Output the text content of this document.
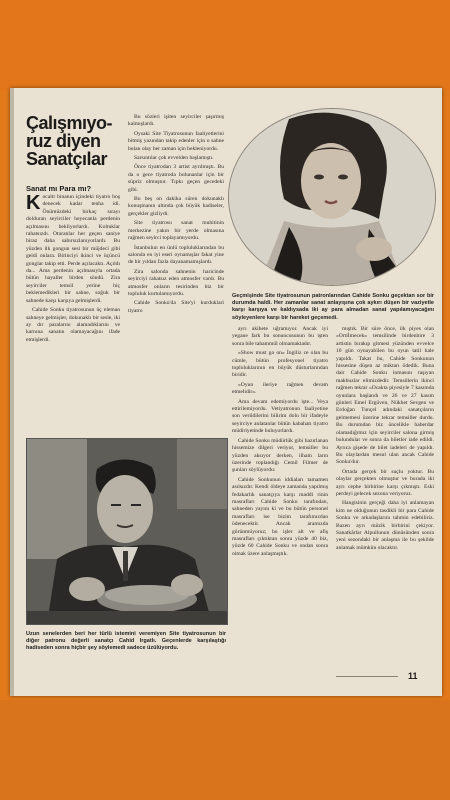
Çalışmıyo-
ruz diyen
Sanatçılar
Sanat mı Para mı?

Kocaltr binanın içindeki tiyatro boş denecek kadar tenha idi. Önümüzdeki birkaç sırayı dolduran seyirciler heyecanla perdenin açılmasını bekliyorlardı. Koltuklar rahatsızdı. Oturanlar her geçen saniye biraz daha sabırsızlanıyorlardı. Bu yüzden ilk gongun sesi bir müjdeci gibi geldi onlara. Birinciyi ikinci ve üçüncü gonglar takip etti. Perde açılacaktı. Açıldı da... Ama perdenin açılmasıyla ortada bütün hayaller birden söndü. Zira seyirciler temsil yerine hiç beklemedikleri bir sahne, soğuk bir sahnede karşı karşıya gelmişlerdi.

Cahide Sonku tiyatrosunun üç eleman sahneye gelmişler, dokunaklı bir sesle, iki ay dır paralarını alamadıklarını ve karnına sanatın olamayacağını ifade etmişlerdi.

Bu sözleri işiten seyirciler şaşırmış kalmışlardı.

Oysaki Site Tiyatrosunun faaliyetlerini bitmiş yazından takip edenler için o sahne bulan olay her zaman için bekleniyordu.

Sarsıntılar çok evvelden başlamıştı.

Önce tiyatrodan 3 artist ayrılmıştı. Bu da o gece tiyatroda bulunanlar için bir süpriz olmuştur. Tıpkı geçen gecedeki gibi.

Bu beş on dakika süren dokunaklı konuşmanın altında çok büyük hadiseler, gerçekler gizliydi.

Site tiyatrosu sanat muhitinin merkezine yakın bir yerde olmasına rağmen seyirci toplayamıyordu.

İstanbulun en ünlü topluluklarından bu salonda en iyi eseri oynamışlar fakat yine de bir yıldan fazla dayanamamışlardı.

Zira salonda sahnenin haricinde seyirciyi rahatsız eden atmosfer vardı. Bu atmosfer onların tesirinden biz bir topluluk kurtulamıyordu.

Cahide Sonku'da Site'yi kurduklari tiyatro

Geçmişinde Site tiyatrosunun patronlarından Cahide Sonku geçektan sor bir durumda haldi. Her zamanlar sanat anlayışına çok aykırı düşen bir vaziyetle karşı karşıya ve kaldıysada iki ay para almadan sanat yapılamıyacağını söyleyenlere karşı bir hareket geçemedi.

ayrı akibete uğramıyor. Ancak iyi yegane fark bu sonuncusunun bu işten sonra bile tahammül olmamaktadır.

«Show must go on» İngiliz ce olan bu cümle, bütün profesyonel tiyatro topluluklarının en büyük düsturlarından biridir.

«Oyun ileriye rağmen devam etmelidir».

Ama devam edemiyordu işte... Veya ettirilemiyordu. Vetiyatronun faaliyetine son verildilerini bilirim dolu bir ifadeyle seyirciye anlatanlar bütün kabahatı tiyatro müdiriyetinde buluyorlardı.

Cahide Sonku müdürlük gibi hazırlanan hissemize dilgeri veriyor, temsiller bu yüzden aksıyor derken, ilham ların üzerinde toplandığı Cemil Filmer de şunları söylüyordu:

Cahide Sonkunun iddiaları tamamen asılsızdır. Kendi öldeye zamanda yapılmış fedakarlık sanatçıya karşı maddi rinin masrafları Cahide Sonku tarafından, sahneden yayını ki ve bu bütün personel masrafları ise bizim tarafımızdan ödenecektir. Ancak aramızda görünmüyoruz; bu işler alt ve afiş masrafları çıktıktan sonra yüzde 40 biz, yüzde 60 Cahide Sonku ve ondan sonra olmak üzere anlaşmıştık.

mıştık. Bir süre önce, ilk piyes olan «Ortiİmecek» temsilinde birdenbire 3 artistin bırakıp gitmesi yüzünden evvelce 10 gün oynayabilen bu oyun tatil hale yapıldı. Takat bu, Cahide Sonkunun hissesine düşen az miktarı ödedik. Buna dair Cahide Sonku inmasını taşıyan makbuzlar elimizdedir. Temsillerin ikinci rağmen tekrar «Ocakta piyesiyle 7 kasımda oyunlara başlandı ve 26 ve 27 kasım günleri Emel Ergüven, Nükhet Sevgen ve Erdoğan Tunçel adındaki sanatçıların gelmemesi üzerine tekrar temsiller durdu. Bu durumdan biz öncelikle haberdar olamadığımız için seyirciler salona girmiş bulundular ve sonra da biletler iade edildi. Ayrıca gişede de bilet iadeleri de yapıldı. Bu olaylardan mesul ulan ancak Cahide Sonku'dur.

Ortada gerçek bir suçlu yoktur. Bu olaylar gerçekten olmuştur ve burada iki ayrı cephe birbirine karşı çıkmıştı. Eski perdeyi gelecek sezona veriyoruz.

Hangisinin gerçeği daha iyi anlamayan kim ne olduğunun tasdikli bir para Cahide Sonku ve arkadaşlarını tahmin edebiliriz. Bazen ayrı müzik birbirini çekiyor. Sanatkârlar Alpullunun dünüsünden sonra yeni sezondaki bir anlaşma ile bu şekilde anlamak mümkün olacaktır.

Uzun senelerden beri her türlü istemini veremiyen Site tiyatrosunun bir diğer patronu değerli sanatçı Cahid Irgatlı. Geçenlerde karşılaştığı hadiseden sonra hiçbir şey söylemedi sadece üzülüyordu.
11
